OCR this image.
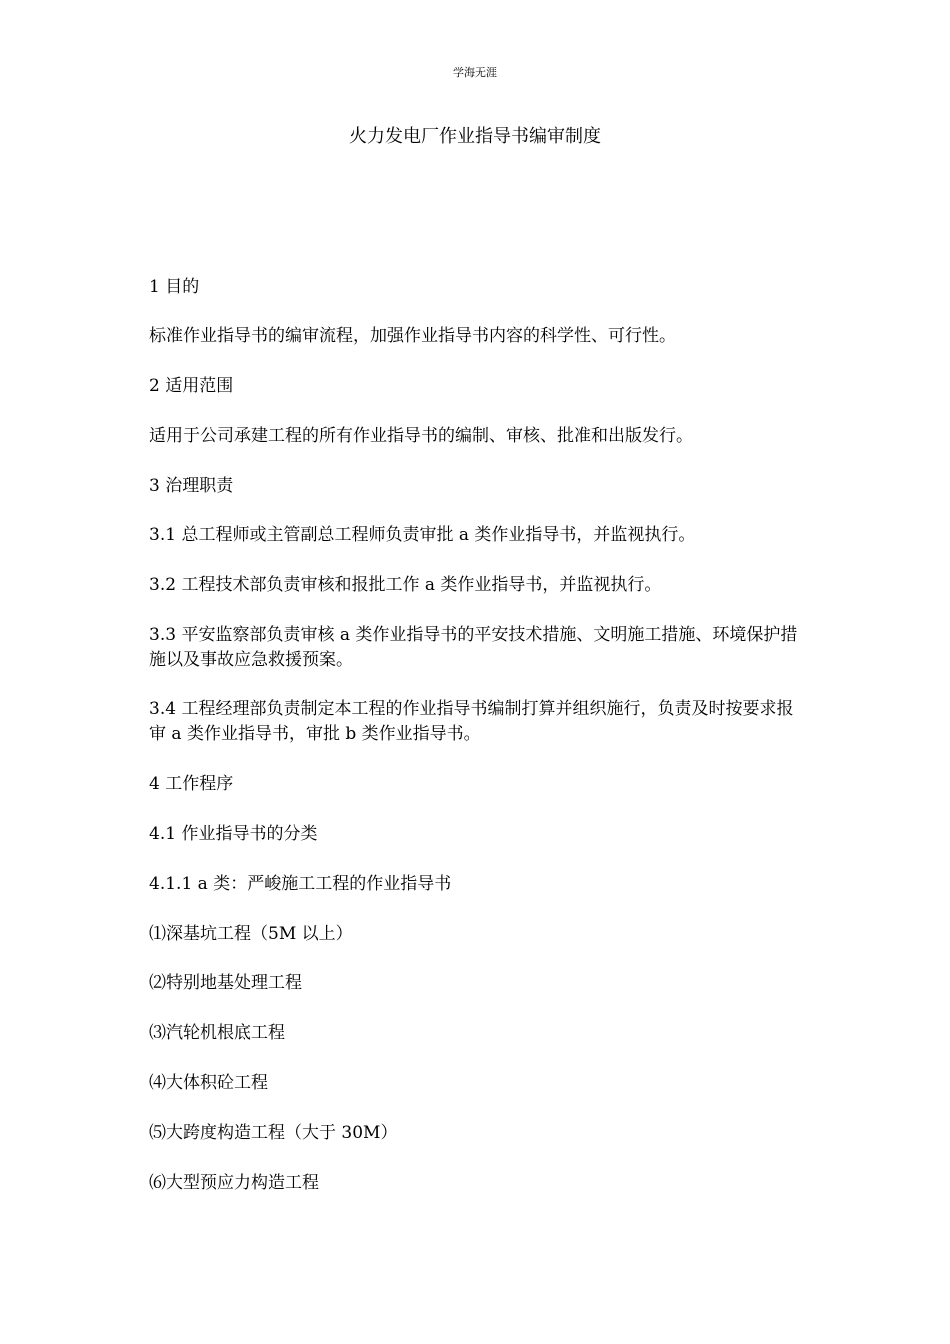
学海无涯
火力发电厂作业指导书编审制度
1 目的
标准作业指导书的编审流程，加强作业指导书内容的科学性、可行性。
2 适用范围
适用于公司承建工程的所有作业指导书的编制、审核、批准和出版发行。
3 治理职责
3.1 总工程师或主管副总工程师负责审批 a 类作业指导书，并监视执行。
3.2 工程技术部负责审核和报批工作 a 类作业指导书，并监视执行。
3.3 平安监察部负责审核 a 类作业指导书的平安技术措施、文明施工措施、环境保护措施以及事故应急救援预案。
3.4 工程经理部负责制定本工程的作业指导书编制打算并组织施行，负责及时按要求报审 a 类作业指导书，审批 b 类作业指导书。
4 工作程序
4.1 作业指导书的分类
4.1.1 a 类：严峻施工工程的作业指导书
⑴深基坑工程（5M 以上）
⑵特别地基处理工程
⑶汽轮机根底工程
⑷大体积砼工程
⑸大跨度构造工程（大于 30M）
⑹大型预应力构造工程
